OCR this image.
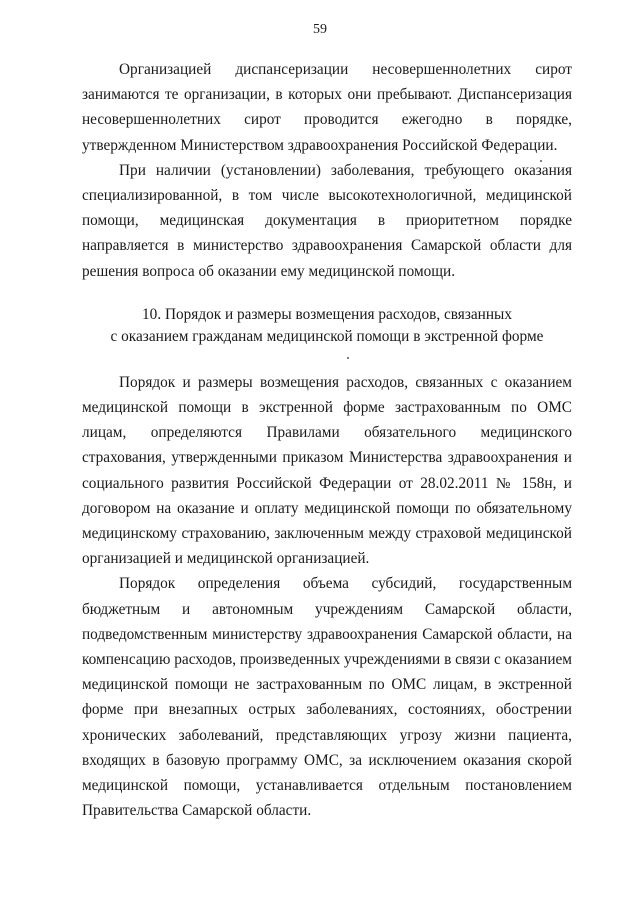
59

Организацией диспансеризации несовершеннолетних сирот занимаются те организации, в которых они пребывают. Диспансеризация несовершеннолетних сирот проводится ежегодно в порядке, утвержденном Министерством здравоохранения Российской Федерации.

При наличии (установлении) заболевания, требующего оказания специализированной, в том числе высокотехнологичной, медицинской помощи, медицинская документация в приоритетном порядке направляется в министерство здравоохранения Самарской области для решения вопроса об оказании ему медицинской помощи.

10. Порядок и размеры возмещения расходов, связанных
с оказанием гражданам медицинской помощи в экстренной форме

Порядок и размеры возмещения расходов, связанных с оказанием медицинской помощи в экстренной форме застрахованным по ОМС лицам, определяются Правилами обязательного медицинского страхования, утвержденными приказом Министерства здравоохранения и социального развития Российской Федерации от 28.02.2011 № 158н, и договором на оказание и оплату медицинской помощи по обязательному медицинскому страхованию, заключенным между страховой медицинской организацией и медицинской организацией.

Порядок определения объема субсидий, государственным бюджетным и автономным учреждениям Самарской области, подведомственным министерству здравоохранения Самарской области, на компенсацию расходов, произведенных учреждениями в связи с оказанием медицинской помощи не застрахованным по ОМС лицам, в экстренной форме при внезапных острых заболеваниях, состояниях, обострении хронических заболеваний, представляющих угрозу жизни пациента, входящих в базовую программу ОМС, за исключением оказания скорой медицинской помощи, устанавливается отдельным постановлением Правительства Самарской области.
